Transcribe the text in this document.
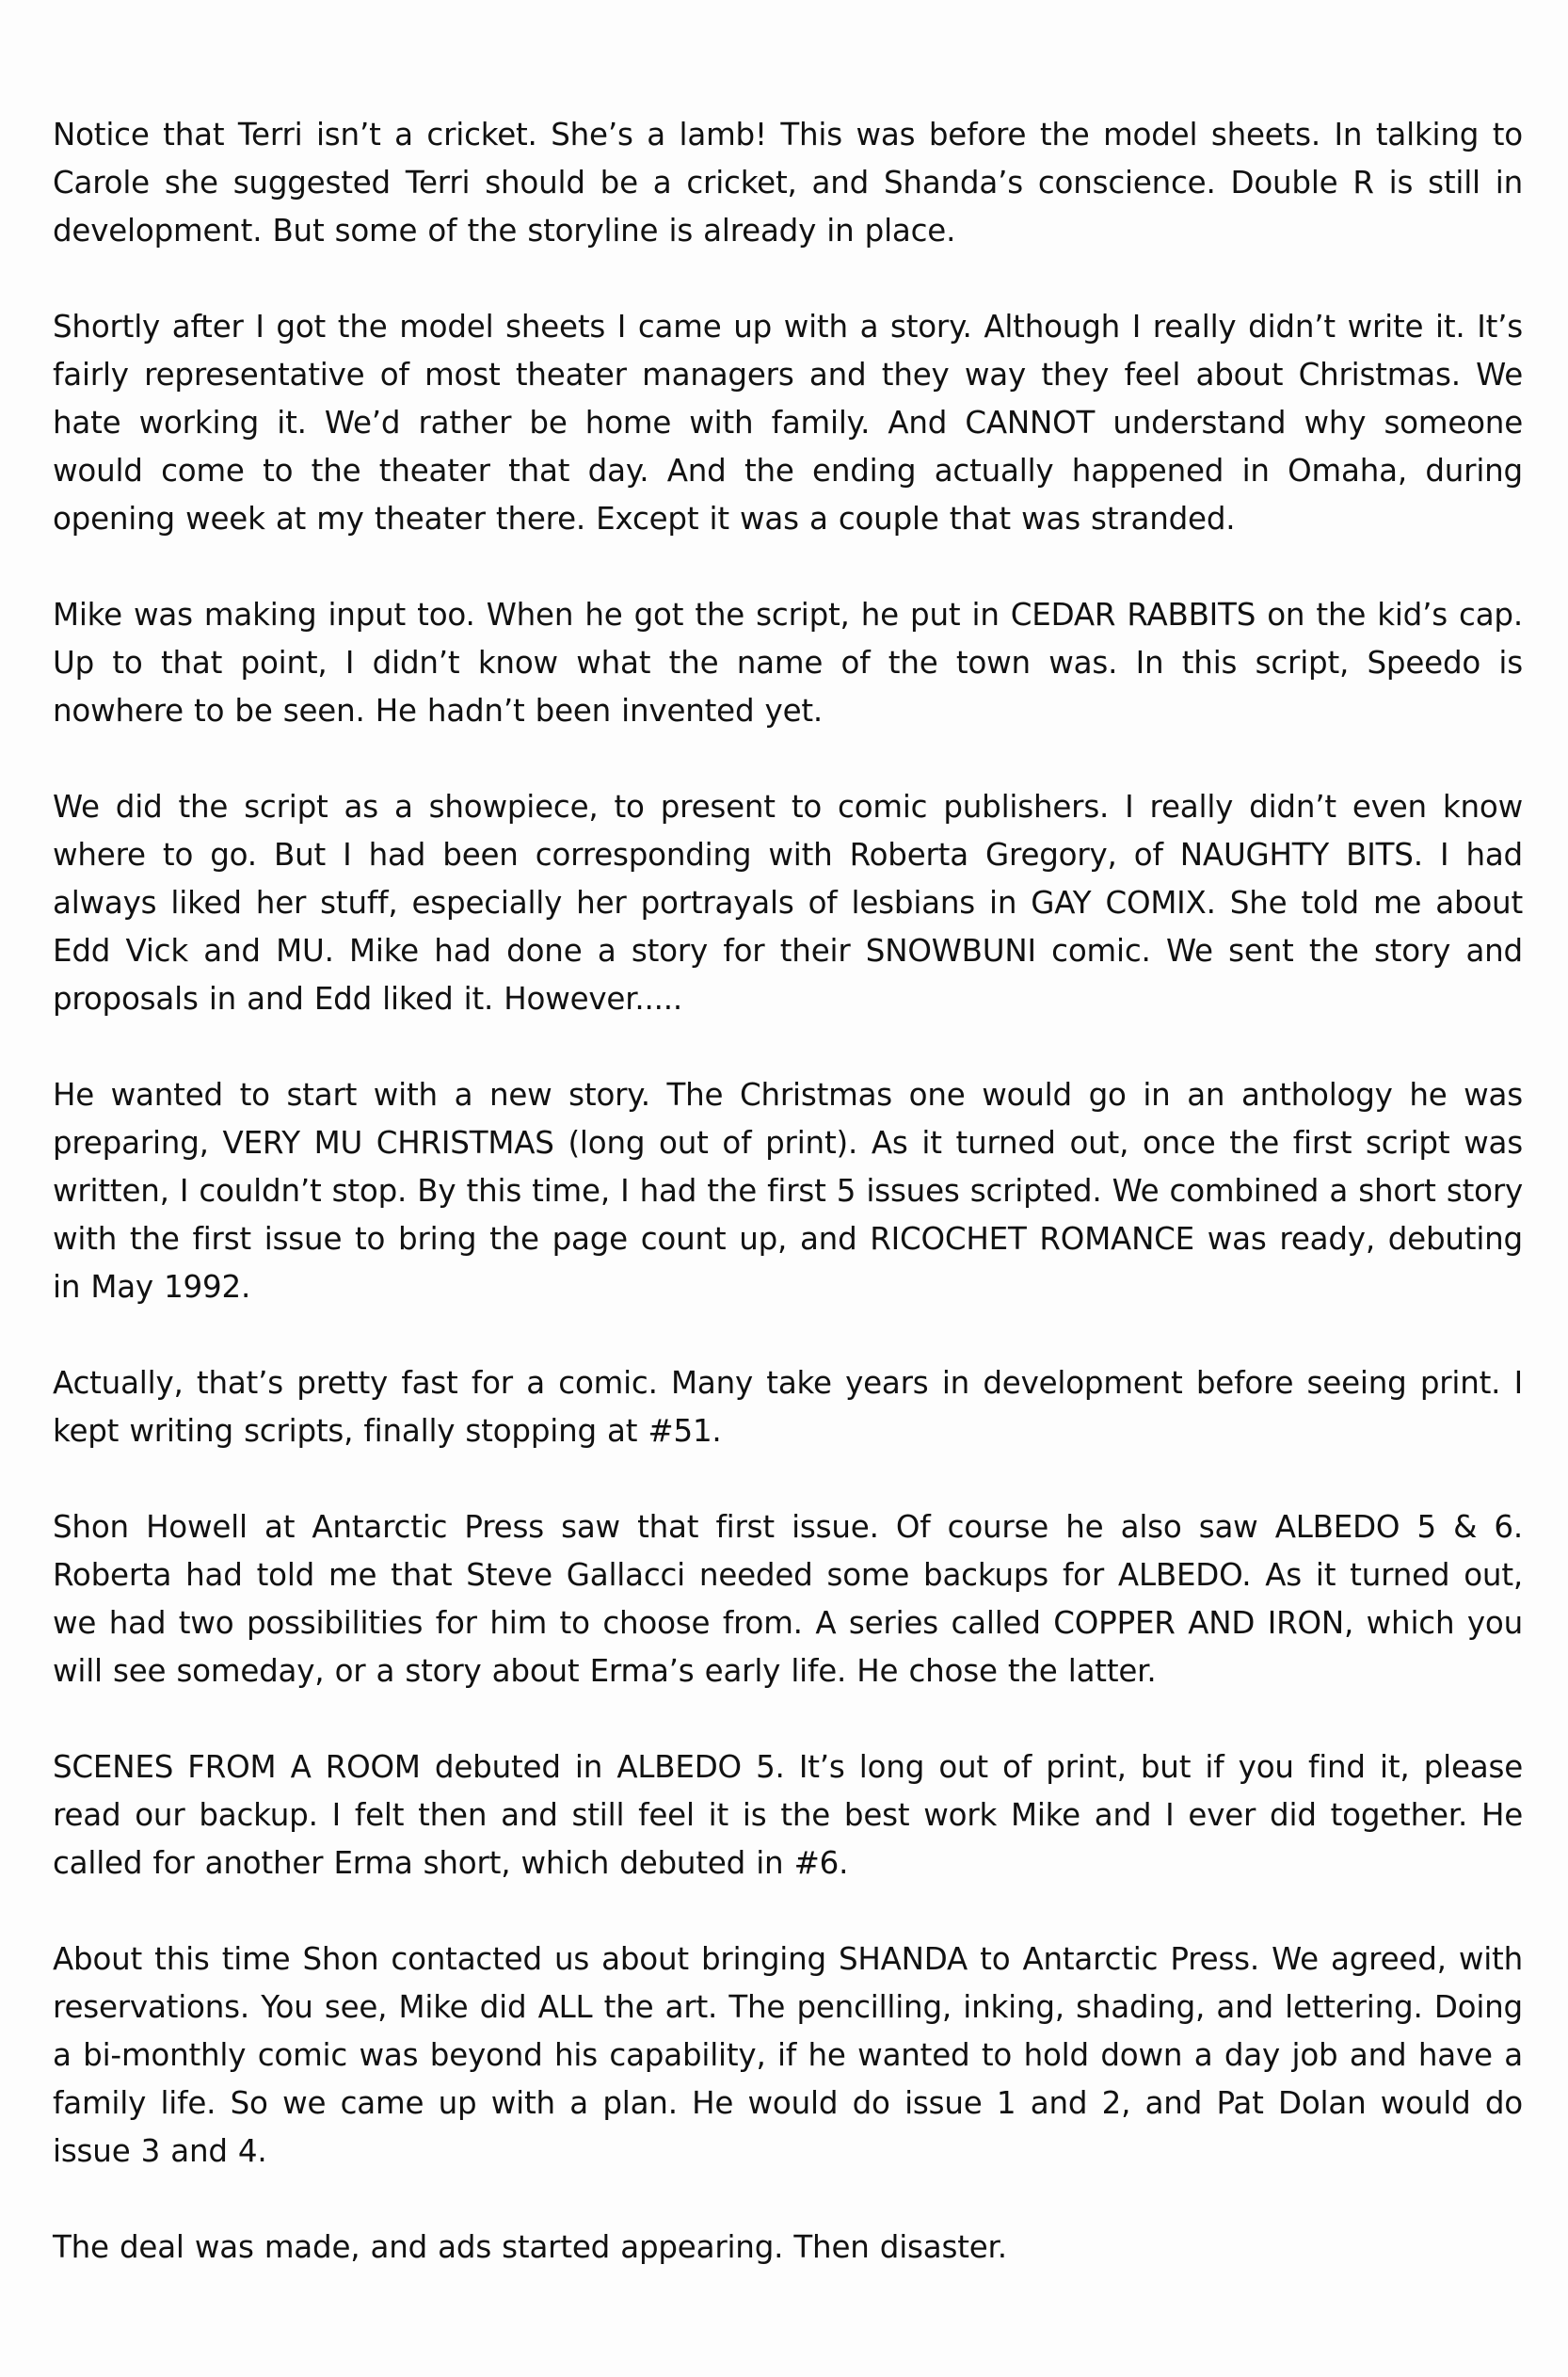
Notice that Terri isn’t a cricket. She’s a lamb! This was before the model sheets. In talking to Carole she suggested Terri should be a cricket, and Shanda’s conscience. Double R is still in development. But some of the storyline is already in place.

Shortly after I got the model sheets I came up with a story. Although I really didn’t write it. It’s fairly representative of most theater managers and they way they feel about Christmas. We hate working it. We’d rather be home with family. And CANNOT understand why someone would come to the theater that day. And the ending actually happened in Omaha, during opening week at my theater there. Except it was a couple that was stranded.

Mike was making input too. When he got the script, he put in CEDAR RABBITS on the kid’s cap. Up to that point, I didn’t know what the name of the town was. In this script, Speedo is nowhere to be seen. He hadn’t been invented yet.

We did the script as a showpiece, to present to comic publishers. I really didn’t even know where to go. But I had been corresponding with Roberta Gregory, of NAUGHTY BITS. I had always liked her stuff, especially her portrayals of lesbians in GAY COMIX. She told me about Edd Vick and MU. Mike had done a story for their SNOWBUNI comic. We sent the story and proposals in and Edd liked it. However.....

He wanted to start with a new story. The Christmas one would go in an anthology he was preparing, VERY MU CHRISTMAS (long out of print). As it turned out, once the first script was written, I couldn’t stop. By this time, I had the first 5 issues scripted. We combined a short story with the first issue to bring the page count up, and RICOCHET ROMANCE was ready, debuting in May 1992.

Actually, that’s pretty fast for a comic. Many take years in development before seeing print. I kept writing scripts, finally stopping at #51.

Shon Howell at Antarctic Press saw that first issue. Of course he also saw ALBEDO 5 & 6. Roberta had told me that Steve Gallacci needed some backups for ALBEDO. As it turned out, we had two possibilities for him to choose from. A series called COPPER AND IRON, which you will see someday, or a story about Erma’s early life. He chose the latter.

SCENES FROM A ROOM debuted in ALBEDO 5. It’s long out of print, but if you find it, please read our backup. I felt then and still feel it is the best work Mike and I ever did together. He called for another Erma short, which debuted in #6.

About this time Shon contacted us about bringing SHANDA to Antarctic Press. We agreed, with reservations. You see, Mike did ALL the art. The pencilling, inking, shading, and lettering. Doing a bi-monthly comic was beyond his capability, if he wanted to hold down a day job and have a family life. So we came up with a plan. He would do issue 1 and 2, and Pat Dolan would do issue 3 and 4.

The deal was made, and ads started appearing. Then disaster.
